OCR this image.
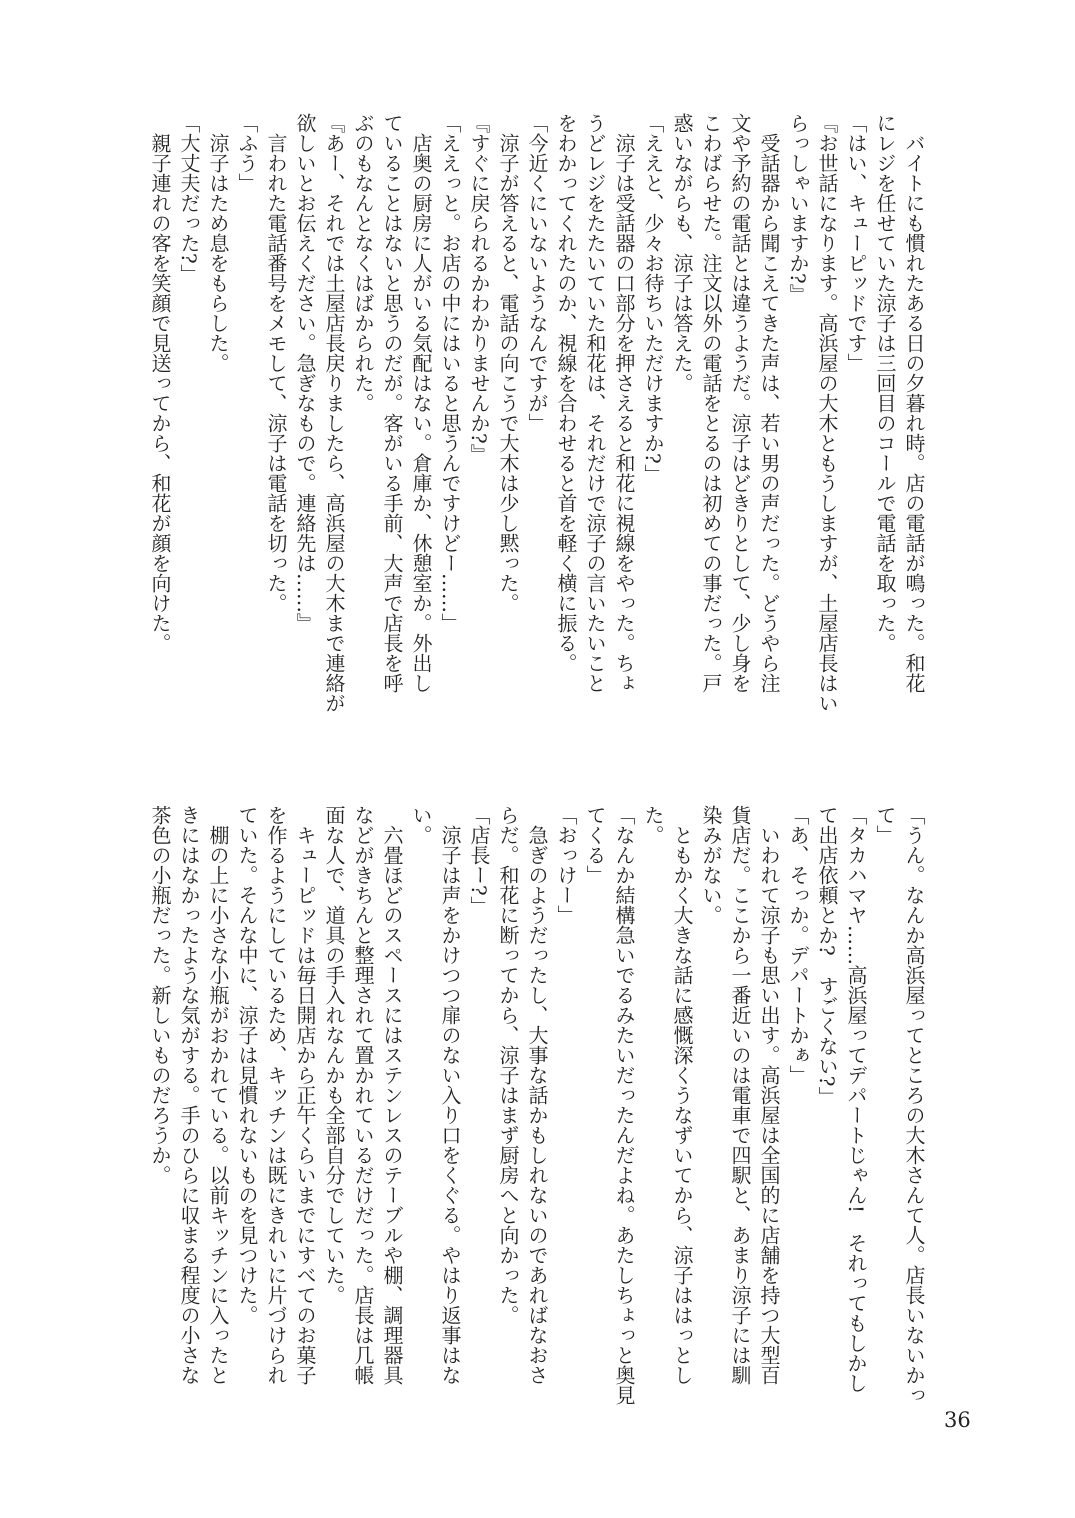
　バイトにも慣れたある日の夕暮れ時。店の電話が鳴った。和花

にレジを任せていた涼子は三回目のコールで電話を取った。

「はい、キューピッドです」

『お世話になります。高浜屋の大木ともうしますが、土屋店長はい

らっしゃいますか?』

　受話器から聞こえてきた声は、若い男の声だった。どうやら注

文や予約の電話とは違うようだ。涼子はどきりとして、少し身を

こわばらせた。注文以外の電話をとるのは初めての事だった。戸

惑いながらも、涼子は答えた。

「ええと、少々お待ちいただけますか?」

　涼子は受話器の口部分を押さえると和花に視線をやった。ちょ

うどレジをたたいていた和花は、それだけで涼子の言いたいこと

をわかってくれたのか、視線を合わせると首を軽く横に振る。

「今近くにいないようなんですが」

　涼子が答えると、電話の向こうで大木は少し黙った。

『すぐに戻られるかわかりませんか?』

「ええっと。お店の中にはいると思うんですけどー……」

　店奥の厨房に人がいる気配はない。倉庫か、休憩室か。外出し

ていることはないと思うのだが。客がいる手前、大声で店長を呼

ぶのもなんとなくはばかられた。

『あー、それでは土屋店長戻りましたら、高浜屋の大木まで連絡が

欲しいとお伝えください。急ぎなもので。連絡先は……』

　言われた電話番号をメモして、涼子は電話を切った。

「ふう」

　涼子はため息をもらした。

「大丈夫だった?」

　親子連れの客を笑顔で見送ってから、和花が顔を向けた。

「うん。なんか高浜屋ってところの大木さんて人。店長いないかっ

て」

「タカハマヤ……高浜屋ってデパートじゃん!　それってもしかし

て出店依頼とか?　すごくない?」

「あ、そっか。デパートかぁ」

　いわれて涼子も思い出す。高浜屋は全国的に店舗を持つ大型百

貨店だ。ここから一番近いのは電車で四駅と、あまり涼子には馴

染みがない。

　ともかく大きな話に感慨深くうなずいてから、涼子ははっとし

た。

「なんか結構急いでるみたいだったんだよね。あたしちょっと奥見

てくる」

「おっけー」

　急ぎのようだったし、大事な話かもしれないのであればなおさ

らだ。和花に断ってから、涼子はまず厨房へと向かった。

「店長ー?」

　涼子は声をかけつつ扉のない入り口をくぐる。やはり返事はな

い。

　六畳ほどのスペースにはステンレスのテーブルや棚、調理器具

などがきちんと整理されて置かれているだけだった。店長は几帳

面な人で、道具の手入れなんかも全部自分でしていた。

　キューピッドは毎日開店から正午くらいまでにすべてのお菓子

を作るようにしているため、キッチンは既にきれいに片づけられ

ていた。そんな中に、涼子は見慣れないものを見つけた。

　棚の上に小さな小瓶がおかれている。以前キッチンに入ったと

きにはなかったような気がする。手のひらに収まる程度の小さな

茶色の小瓶だった。新しいものだろうか。

36
